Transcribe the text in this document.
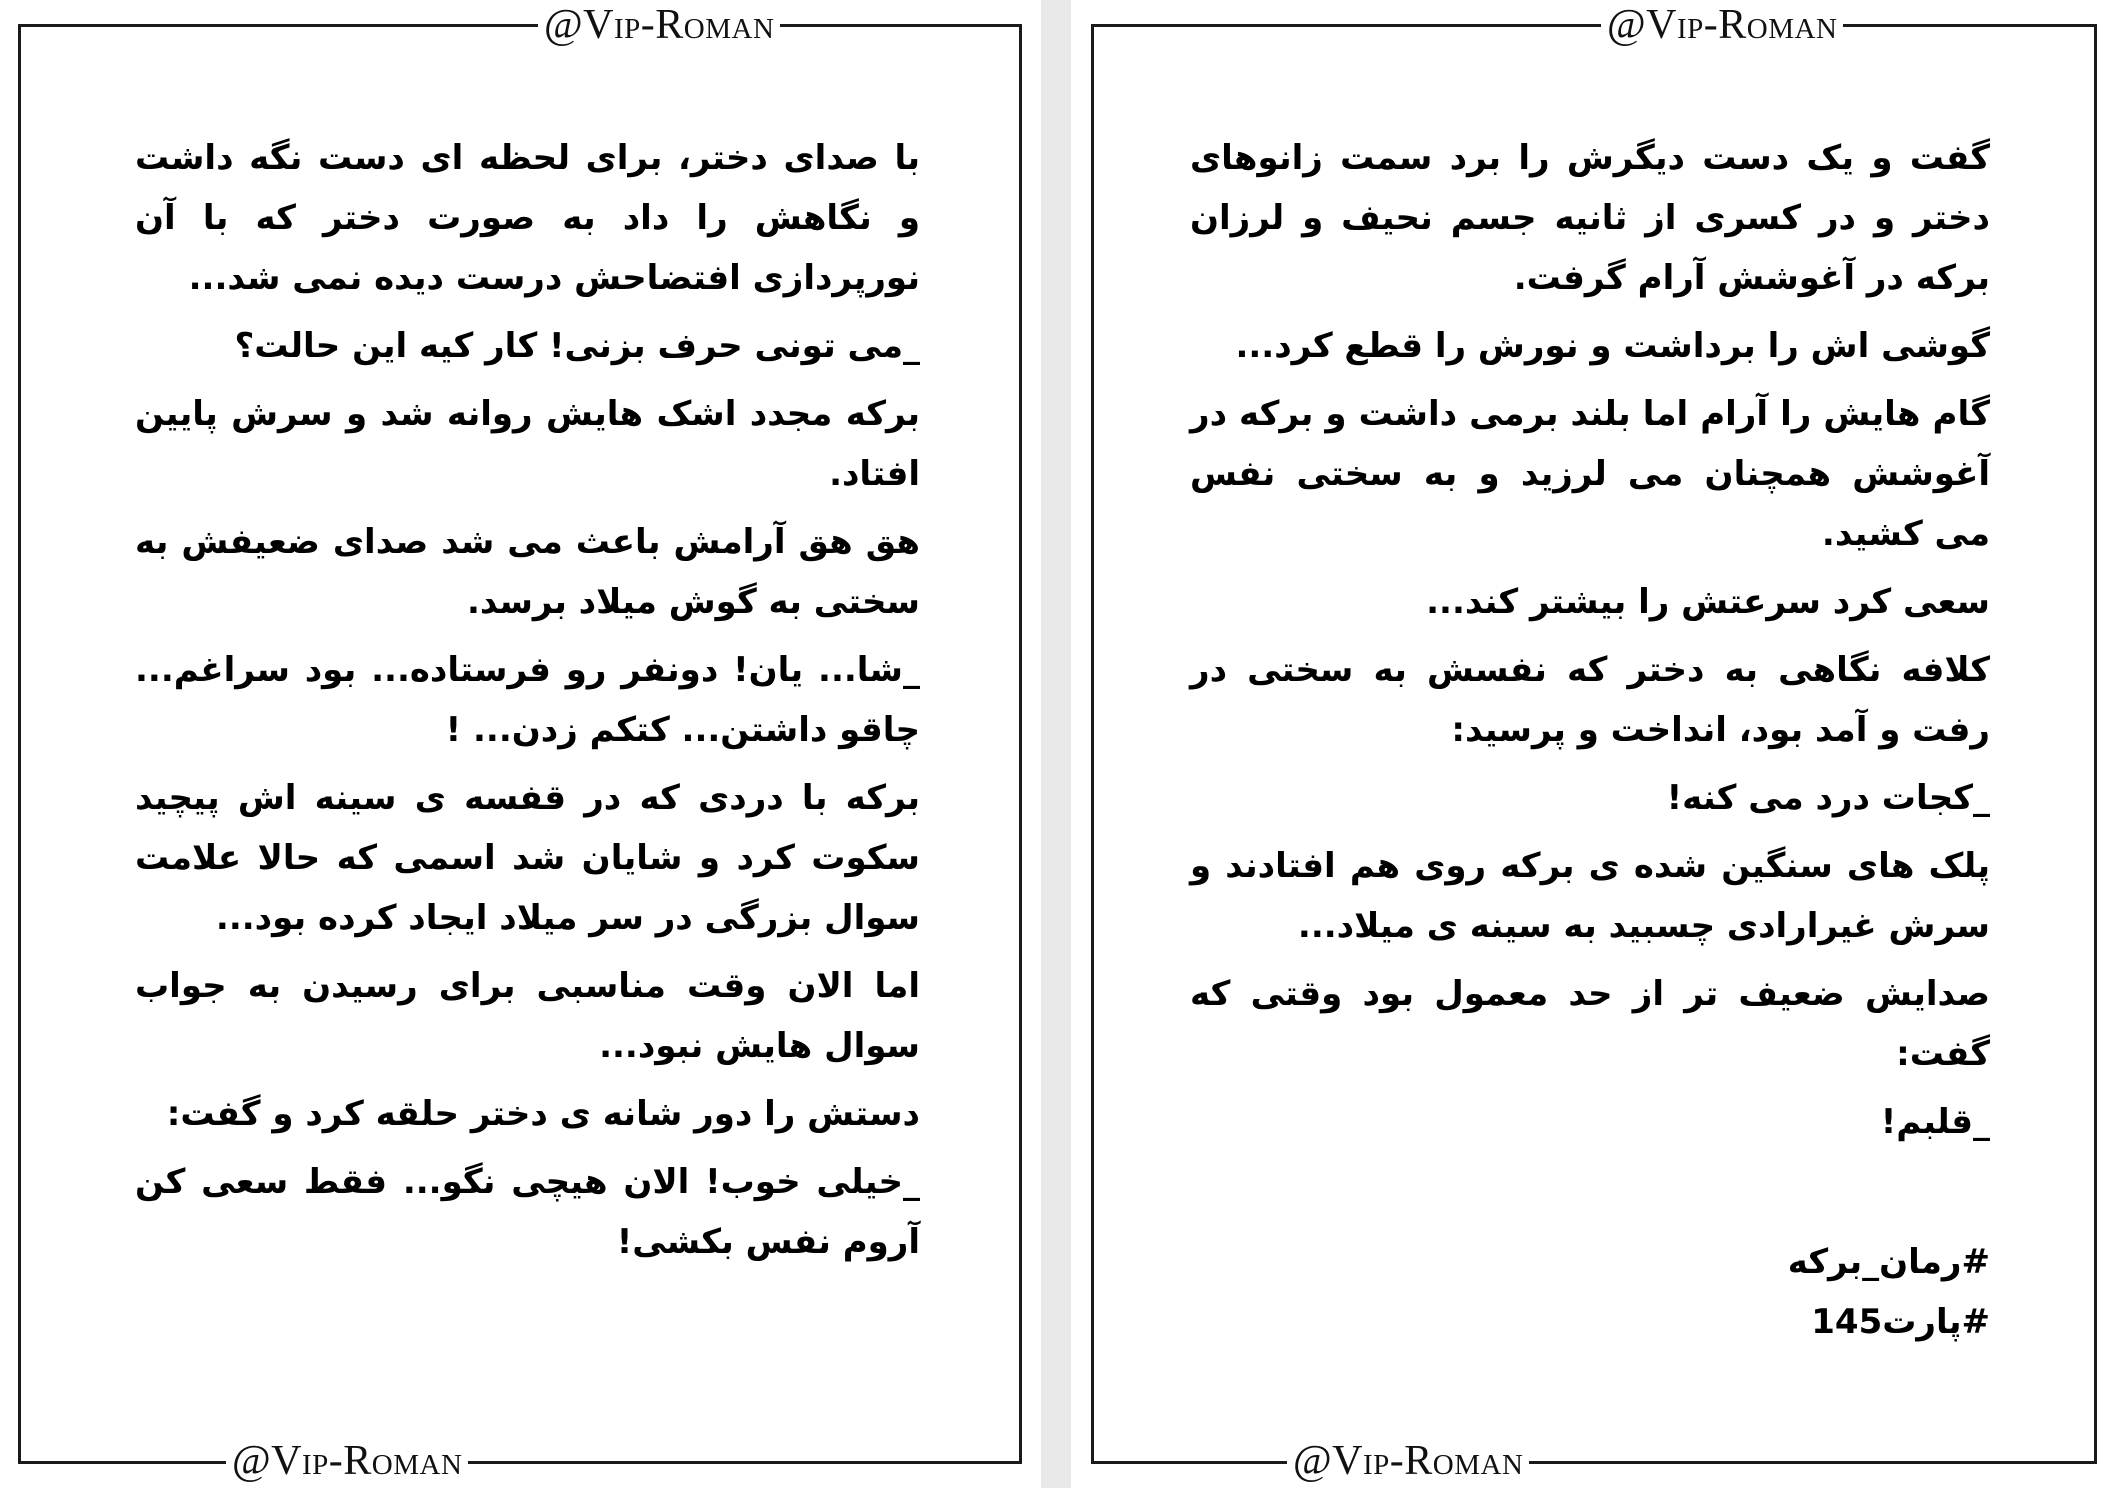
@Vip-Roman
@Vip-Roman

با صدای دختر، برای لحظه ای دست نگه داشت و نگاهش را داد به صورت دختر که با آن نورپردازی افتضاحش درست دیده نمی شد...

_می تونی حرف بزنی! کار کیه این حالت؟

برکه مجدد اشک هایش روانه شد و سرش پایین افتاد.

هق هق آرامش باعث می شد صدای ضعیفش به سختی به گوش میلاد برسد.

_شا... یان! دونفر رو فرستاده... بود سراغم... چاقو داشتن... کتکم زدن... !

برکه با دردی که در قفسه ی سینه اش پیچید سکوت کرد و شایان شد اسمی که حالا علامت سوال بزرگی در سر میلاد ایجاد کرده بود...

اما الان وقت مناسبی برای رسیدن به جواب سوال هایش نبود...

دستش را دور شانه ی دختر حلقه کرد و گفت:

_خیلی خوب! الان هیچی نگو... فقط سعی کن آروم نفس بکشی!

@Vip-Roman
@Vip-Roman

گفت و یک دست دیگرش را برد سمت زانوهای دختر و در کسری از ثانیه جسم نحیف و لرزان برکه در آغوشش آرام گرفت.

گوشی اش را برداشت و نورش را قطع کرد...

گام هایش را آرام اما بلند برمی داشت و برکه در آغوشش همچنان می لرزید و به سختی نفس می کشید.

سعی کرد سرعتش را بیشتر کند...

کلافه نگاهی به دختر که نفسش به سختی در رفت و آمد بود، انداخت و پرسید:

_کجات درد می کنه!

پلک های سنگین شده ی برکه روی هم افتادند و سرش غیرارادی چسبید به سینه ی میلاد...

صدایش ضعیف تر از حد معمول بود وقتی که گفت:

_قلبم!

#رمان_برکه

#پارت145
